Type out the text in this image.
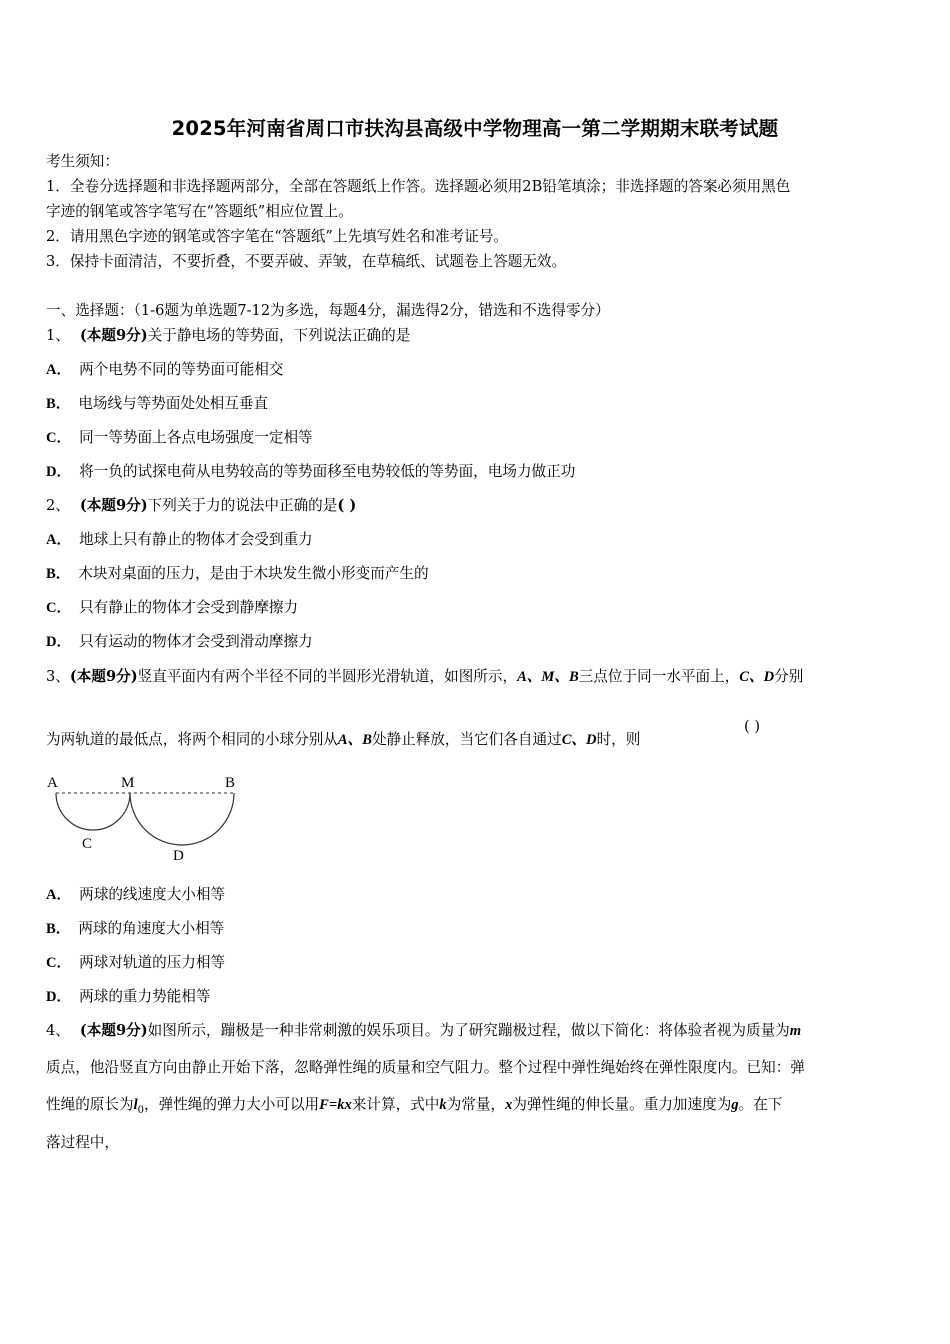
2025年河南省周口市扶沟县高级中学物理高一第二学期期末联考试题
考生须知：
1．全卷分选择题和非选择题两部分，全部在答题纸上作答。选择题必须用2B铅笔填涂；非选择题的答案必须用黑色
字迹的钢笔或答字笔写在“答题纸”相应位置上。
2．请用黑色字迹的钢笔或答字笔在“答题纸”上先填写姓名和准考证号。
3．保持卡面清洁，不要折叠，不要弄破、弄皱，在草稿纸、试题卷上答题无效。
一、选择题：（1-6题为单选题7-12为多选，每题4分，漏选得2分，错选和不选得零分）
1、 (本题9分)关于静电场的等势面，下列说法正确的是
A． 两个电势不同的等势面可能相交
B． 电场线与等势面处处相互垂直
C． 同一等势面上各点电场强度一定相等
D． 将一负的试探电荷从电势较高的等势面移至电势较低的等势面，电场力做正功
2、 (本题9分)下列关于力的说法中正确的是( )
A． 地球上只有静止的物体才会受到重力
B． 木块对桌面的压力，是由于木块发生微小形变而产生的
C． 只有静止的物体才会受到静摩擦力
D． 只有运动的物体才会受到滑动摩擦力
3、(本题9分)竖直平面内有两个半径不同的半圆形光滑轨道，如图所示，A、M、B三点位于同一水平面上，C、D分别
为两轨道的最低点，将两个相同的小球分别从A、B处静止释放，当它们各自通过C、D时，则
( )
A	M	B
C
D
A． 两球的线速度大小相等
B． 两球的角速度大小相等
C． 两球对轨道的压力相等
D． 两球的重力势能相等
4、 (本题9分)如图所示，蹦极是一种非常刺激的娱乐项目。为了研究蹦极过程，做以下简化：将体验者视为质量为m
质点，他沿竖直方向由静止开始下落，忽略弹性绳的质量和空气阻力。整个过程中弹性绳始终在弹性限度内。已知：弹
性绳的原长为$l_0$，弹性绳的弹力大小可以用F=kx来计算，式中k为常量，x为弹性绳的伸长量。重力加速度为g。在下
落过程中，
